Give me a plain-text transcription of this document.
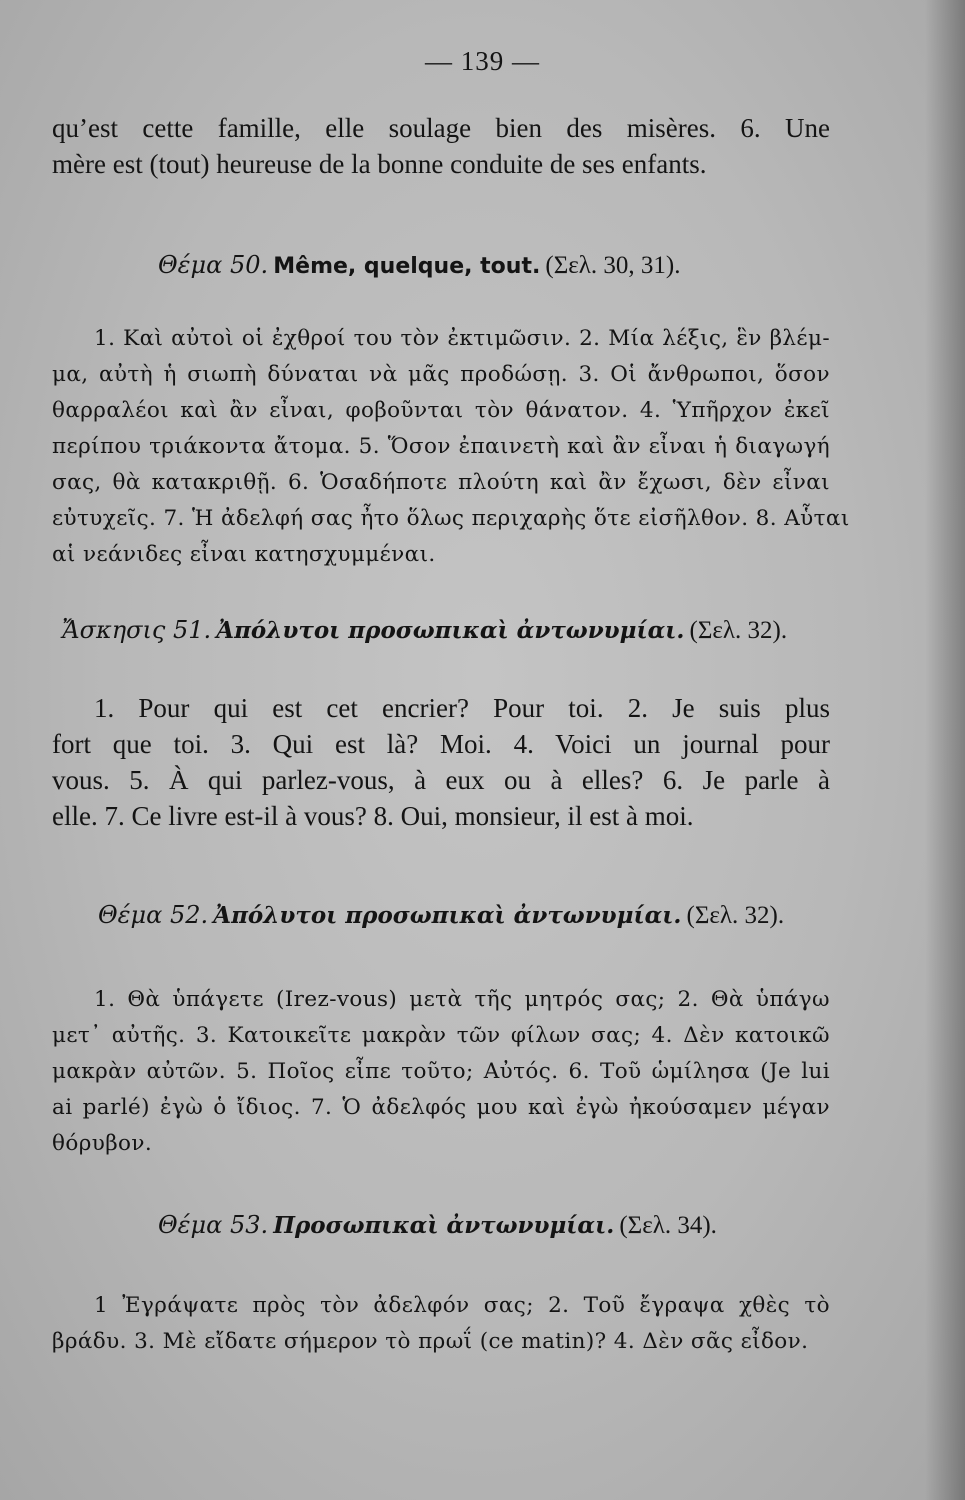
— 139 —
qu’est cette famille, elle soulage bien des misères. 6. Une
mère est (tout) heureuse de la bonne conduite de ses enfants.
Θέμα 50. Même, quelque, tout. (Σελ. 30, 31).
1. Καὶ αὐτοὶ οἱ ἐχθροί του τὸν ἐκτιμῶσιν. 2. Μία λέξις, ἓν βλέμ-
μα, αὐτὴ ἡ σιωπὴ δύναται νὰ μᾶς προδώσῃ. 3. Οἱ ἄνθρωποι, ὅσον
θαρραλέοι καὶ ἂν εἶναι, φοβοῦνται τὸν θάνατον. 4. Ὑπῆρχον ἐκεῖ
περίπου τριάκοντα ἄτομα. 5. Ὅσον ἐπαινετὴ καὶ ἂν εἶναι ἡ διαγωγή
σας, θὰ κατακριθῇ. 6. Ὁσαδήποτε πλούτη καὶ ἂν ἔχωσι, δὲν εἶναι
εὐτυχεῖς. 7. Ἡ ἀδελφή σας ἦτο ὅλως περιχαρὴς ὅτε εἰσῆλθον. 8. Αὗται
αἱ νεάνιδες εἶναι κατησχυμμέναι.
Ἄσκησις 51. Ἀπόλυτοι προσωπικαὶ ἀντωνυμίαι. (Σελ. 32).
1. Pour qui est cet encrier? Pour toi. 2. Je suis plus
fort que toi. 3. Qui est là? Moi. 4. Voici un journal pour
vous. 5. À qui parlez-vous, à eux ou à elles? 6. Je parle à
elle. 7. Ce livre est-il à vous? 8. Oui, monsieur, il est à moi.
Θέμα 52. Ἀπόλυτοι προσωπικαὶ ἀντωνυμίαι. (Σελ. 32).
1. Θὰ ὑπάγετε (Irez-vous) μετὰ τῆς μητρός σας; 2. Θὰ ὑπάγω
μετ᾽ αὐτῆς. 3. Κατοικεῖτε μακρὰν τῶν φίλων σας; 4. Δὲν κατοικῶ
μακρὰν αὐτῶν. 5. Ποῖος εἶπε τοῦτο; Αὐτός. 6. Τοῦ ὡμίλησα (Je lui
ai parlé) ἐγὼ ὁ ἴδιος. 7. Ὁ ἀδελφός μου καὶ ἐγὼ ἠκούσαμεν μέγαν
θόρυβον.
Θέμα 53. Προσωπικαὶ ἀντωνυμίαι. (Σελ. 34).
1 Ἐγράψατε πρὸς τὸν ἀδελφόν σας; 2. Τοῦ ἔγραψα χθὲς τὸ
βράδυ. 3. Μὲ εἴδατε σήμερον τὸ πρωΐ (ce matin)? 4. Δὲν σᾶς εἶδον.
